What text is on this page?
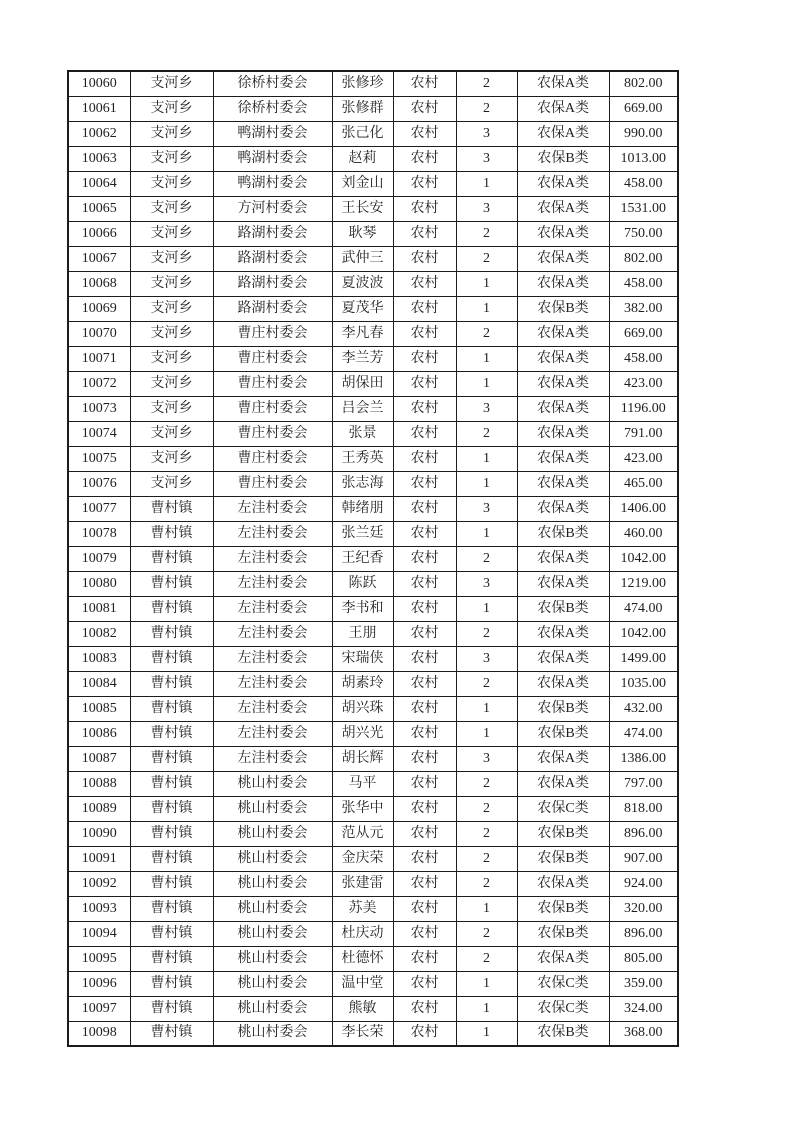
10060	支河乡	徐桥村委会	张修珍	农村	2	农保A类	802.00
10061	支河乡	徐桥村委会	张修群	农村	2	农保A类	669.00
10062	支河乡	鸭湖村委会	张己化	农村	3	农保A类	990.00
10063	支河乡	鸭湖村委会	赵莉	农村	3	农保B类	1013.00
10064	支河乡	鸭湖村委会	刘金山	农村	1	农保A类	458.00
10065	支河乡	方河村委会	王长安	农村	3	农保A类	1531.00
10066	支河乡	路湖村委会	耿琴	农村	2	农保A类	750.00
10067	支河乡	路湖村委会	武仲三	农村	2	农保A类	802.00
10068	支河乡	路湖村委会	夏波波	农村	1	农保A类	458.00
10069	支河乡	路湖村委会	夏茂华	农村	1	农保B类	382.00
10070	支河乡	曹庄村委会	李凡春	农村	2	农保A类	669.00
10071	支河乡	曹庄村委会	李兰芳	农村	1	农保A类	458.00
10072	支河乡	曹庄村委会	胡保田	农村	1	农保A类	423.00
10073	支河乡	曹庄村委会	吕会兰	农村	3	农保A类	1196.00
10074	支河乡	曹庄村委会	张景	农村	2	农保A类	791.00
10075	支河乡	曹庄村委会	王秀英	农村	1	农保A类	423.00
10076	支河乡	曹庄村委会	张志海	农村	1	农保A类	465.00
10077	曹村镇	左洼村委会	韩绪朋	农村	3	农保A类	1406.00
10078	曹村镇	左洼村委会	张兰廷	农村	1	农保B类	460.00
10079	曹村镇	左洼村委会	王纪香	农村	2	农保A类	1042.00
10080	曹村镇	左洼村委会	陈跃	农村	3	农保A类	1219.00
10081	曹村镇	左洼村委会	李书和	农村	1	农保B类	474.00
10082	曹村镇	左洼村委会	王朋	农村	2	农保A类	1042.00
10083	曹村镇	左洼村委会	宋瑞侠	农村	3	农保A类	1499.00
10084	曹村镇	左洼村委会	胡素玲	农村	2	农保A类	1035.00
10085	曹村镇	左洼村委会	胡兴珠	农村	1	农保B类	432.00
10086	曹村镇	左洼村委会	胡兴光	农村	1	农保B类	474.00
10087	曹村镇	左洼村委会	胡长辉	农村	3	农保A类	1386.00
10088	曹村镇	桃山村委会	马平	农村	2	农保A类	797.00
10089	曹村镇	桃山村委会	张华中	农村	2	农保C类	818.00
10090	曹村镇	桃山村委会	范从元	农村	2	农保B类	896.00
10091	曹村镇	桃山村委会	金庆荣	农村	2	农保B类	907.00
10092	曹村镇	桃山村委会	张建雷	农村	2	农保A类	924.00
10093	曹村镇	桃山村委会	苏美	农村	1	农保B类	320.00
10094	曹村镇	桃山村委会	杜庆动	农村	2	农保B类	896.00
10095	曹村镇	桃山村委会	杜德怀	农村	2	农保A类	805.00
10096	曹村镇	桃山村委会	温中堂	农村	1	农保C类	359.00
10097	曹村镇	桃山村委会	熊敏	农村	1	农保C类	324.00
10098	曹村镇	桃山村委会	李长荣	农村	1	农保B类	368.00
